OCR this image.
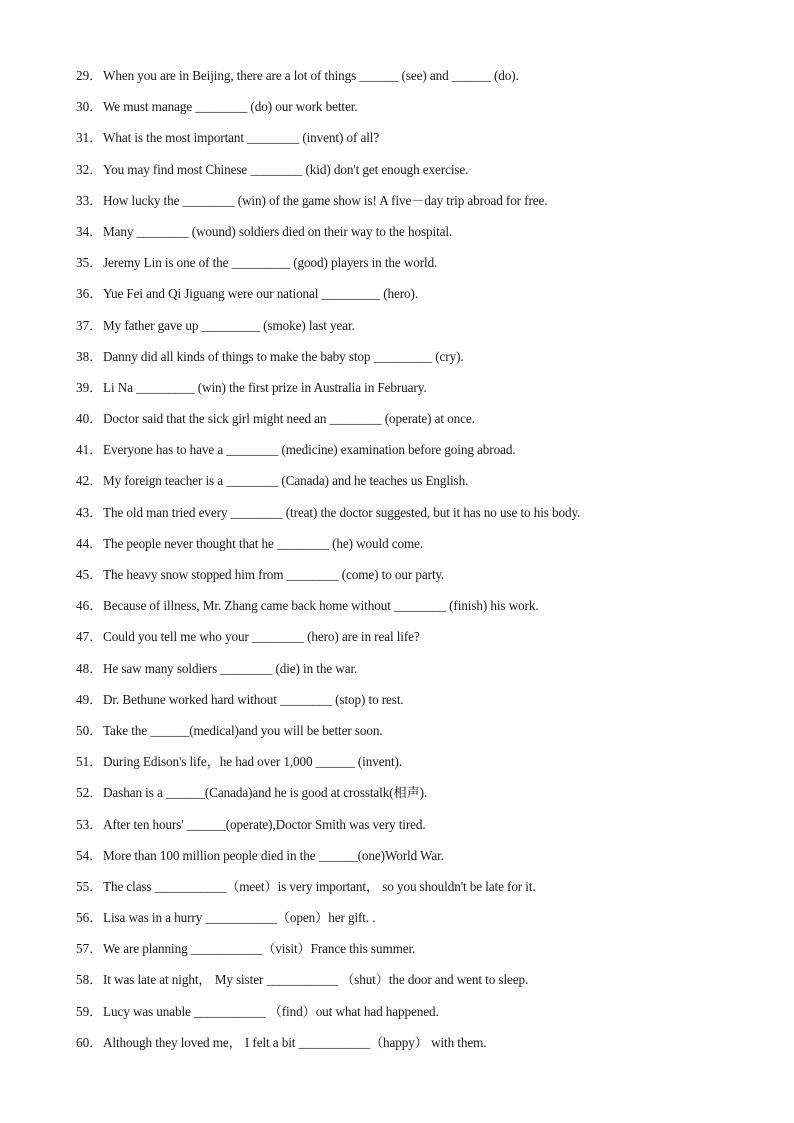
29． When you are in Beijing, there are a lot of things ______ (see) and ______ (do).
30． We must manage ________ (do) our work better.
31． What is the most important ________ (invent) of all?
32． You may find most Chinese ________ (kid) don't get enough exercise.
33． How lucky the ________ (win) of the game show is! A five－day trip abroad for free.
34． Many ________ (wound) soldiers died on their way to the hospital.
35． Jeremy Lin is one of the _________ (good) players in the world.
36． Yue Fei and Qi Jiguang were our national _________ (hero).
37． My father gave up _________ (smoke) last year.
38． Danny did all kinds of things to make the baby stop _________ (cry).
39． Li Na _________ (win) the first prize in Australia in February.
40． Doctor said that the sick girl might need an ________ (operate) at once.
41． Everyone has to have a ________ (medicine) examination before going abroad.
42． My foreign teacher is a ________ (Canada) and he teaches us English.
43． The old man tried every ________ (treat) the doctor suggested, but it has no use to his body.
44． The people never thought that he ________ (he) would come.
45． The heavy snow stopped him from ________ (come) to our party.
46． Because of illness, Mr. Zhang came back home without ________ (finish) his work.
47． Could you tell me who your ________ (hero) are in real life?
48． He saw many soldiers ________ (die) in the war.
49． Dr. Bethune worked hard without ________ (stop) to rest.
50． Take the ______(medical)and you will be better soon.
51． During Edison's life，he had over 1,000 ______ (invent).
52． Dashan is a ______(Canada)and he is good at crosstalk(相声).
53． After ten hours' ______(operate),Doctor Smith was very tired.
54． More than 100 million people died in the ______(one)World War.
55． The class ___________（meet）is very important， so you shouldn't be late for it.
56． Lisa was in a hurry ___________（open）her gift. .
57． We are planning ___________（visit）France this summer.
58． It was late at night， My sister ___________ （shut）the door and went to sleep.
59． Lucy was unable ___________ （find）out what had happened.
60． Although they loved me， I felt a bit ___________（happy） with them.
